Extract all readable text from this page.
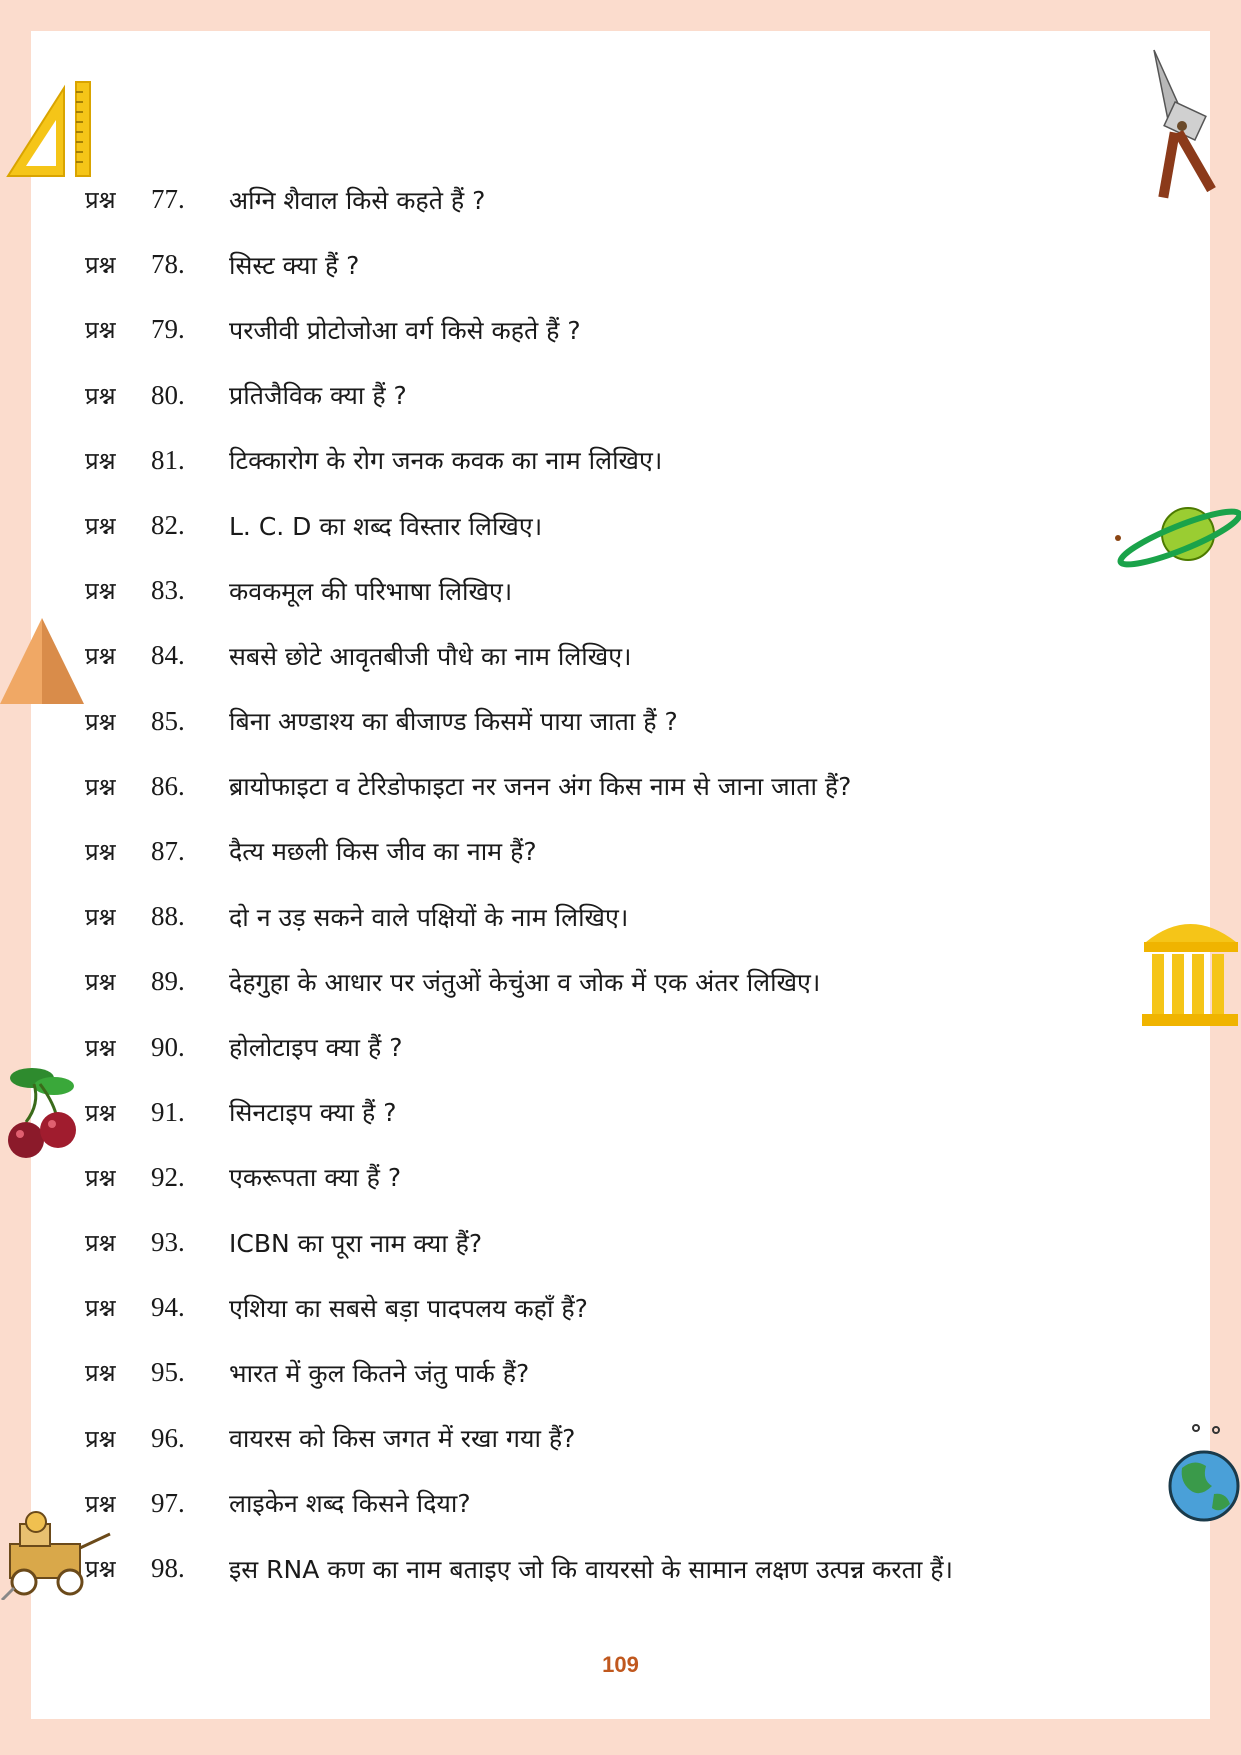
प्रश्न	77.	अग्नि शैवाल किसे कहते हैं ?
प्रश्न	78.	सिस्ट क्या हैं ?
प्रश्न	79.	परजीवी प्रोटोजोआ वर्ग किसे कहते हैं ?
प्रश्न	80.	प्रतिजैविक क्या हैं ?
प्रश्न	81.	टिक्कारोग के रोग जनक कवक का नाम लिखिए।
प्रश्न	82.	L. C. D का शब्द विस्तार लिखिए।
प्रश्न	83.	कवकमूल की परिभाषा लिखिए।
प्रश्न	84.	सबसे छोटे आवृतबीजी पौधे का नाम लिखिए।
प्रश्न	85.	बिना अण्डाश्य का बीजाण्ड किसमें पाया जाता हैं ?
प्रश्न	86.	ब्रायोफाइटा व टेरिडोफाइटा नर जनन अंग किस नाम से जाना जाता हैं?
प्रश्न	87.	दैत्य मछली किस जीव का नाम हैं?
प्रश्न	88.	दो न उड़ सकने वाले पक्षियों के नाम लिखिए।
प्रश्न	89.	देहगुहा के आधार पर जंतुओं केचुंआ व जोक में एक अंतर लिखिए।
प्रश्न	90.	होलोटाइप क्या हैं ?
प्रश्न	91.	सिनटाइप क्या हैं ?
प्रश्न	92.	एकरूपता क्या हैं ?
प्रश्न	93.	ICBN का पूरा नाम क्या हैं?
प्रश्न	94.	एशिया का सबसे बड़ा पादपलय कहाँ हैं?
प्रश्न	95.	भारत में कुल कितने जंतु पार्क हैं?
प्रश्न	96.	वायरस को किस जगत में रखा गया हैं?
प्रश्न	97.	लाइकेन शब्द किसने दिया?
प्रश्न	98.	इस RNA कण का नाम बताइए जो कि वायरसो के सामान लक्षण उत्पन्न करता हैं।
109
